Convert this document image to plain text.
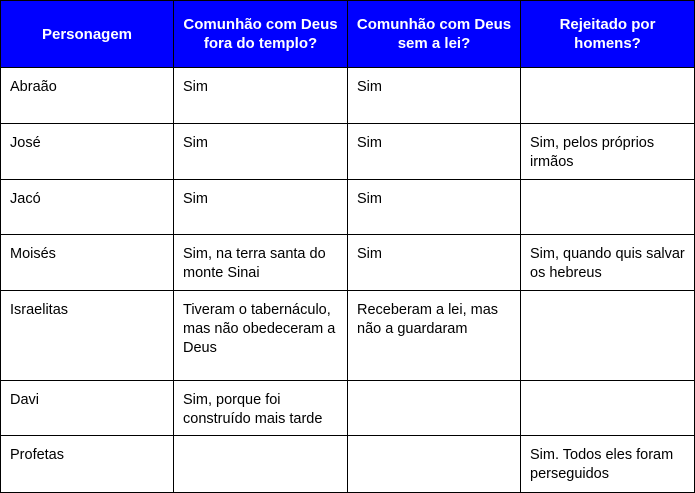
Personagem	Comunhão com Deus fora do templo?	Comunhão com Deus sem a lei?	Rejeitado por homens?
Abraão	Sim	Sim	
José	Sim	Sim	Sim, pelos próprios irmãos
Jacó	Sim	Sim	
Moisés	Sim, na terra santa do monte Sinai	Sim	Sim, quando quis salvar os hebreus
Israelitas	Tiveram o tabernáculo, mas não obedeceram a Deus	Receberam a lei, mas não a guardaram	
Davi	Sim, porque foi construído mais tarde		
Profetas			Sim. Todos eles foram perseguidos
